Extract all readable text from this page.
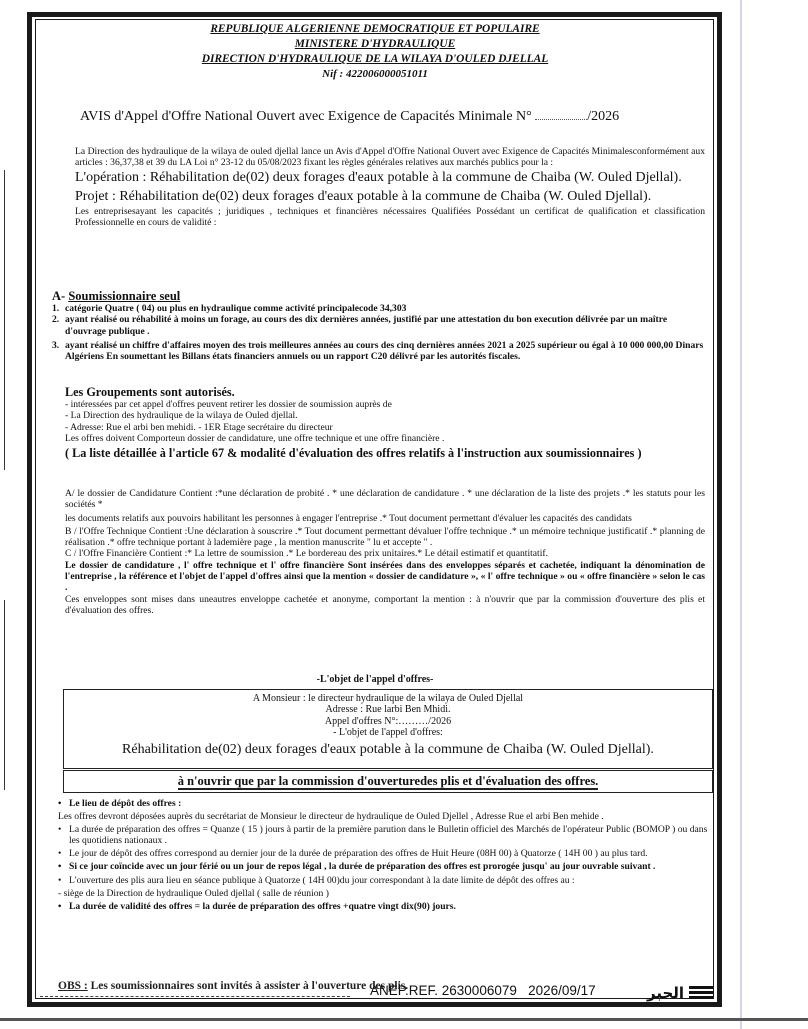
REPUBLIQUE ALGERIENNE DEMOCRATIQUE ET POPULAIRE
MINISTERE D'HYDRAULIQUE
DIRECTION D'HYDRAULIQUE DE LA WILAYA D'OULED DJELLAL
Nif : 422006000051011
AVIS d'Appel d'Offre National Ouvert avec Exigence de Capacités Minimale N°	/2026

La Direction des hydraulique de la wilaya de ouled djellal lance un Avis d'Appel d'Offre National Ouvert avec Exigence de Capacités Minimalesconformément aux articles : 36,37,38 et 39 du LA Loi n° 23-12 du 05/08/2023 fixant les règles générales relatives aux marchés publics pour la :

L'opération : Réhabilitation de(02) deux forages d'eaux potable à la commune de Chaiba (W. Ouled Djellal).

Projet : Réhabilitation de(02) deux forages d'eaux potable à la commune de Chaiba (W. Ouled Djellal).

Les entreprisesayant les capacités ; juridiques , techniques et financières nécessaires Qualifiées Possédant un certificat de qualification et classification Professionnelle en cours de validité :

A- Soumissionnaire seul
1. catégorie Quatre ( 04) ou plus en hydraulique comme activité principalecode 34,303
2. ayant réalisé ou réhabilité à moins un forage, au cours des dix dernières années, justifié par une attestation du bon execution délivrée par un maître d'ouvrage publique .
3. ayant réalisé un chiffre d'affaires moyen des trois meilleures années au cours des cinq dernières années 2021 a 2025 supérieur ou égal à 10 000 000,00 Dinars Algériens En soumettant les Billans états financiers annuels ou un rapport C20 délivré par les autorités fiscales.

Les Groupements sont autorisés.

- intéressées par cet appel d'offres peuvent retirer les dossier de soumission auprès de

- La Direction des hydraulique de la wilaya de Ouled djellal.

- Adresse: Rue el arbi ben mehidi. - 1ER Etage secrétaire du directeur

Les offres doivent Comporteun dossier de candidature, une offre technique et une offre financière .

( La liste détaillée à l'article 67 & modalité d'évaluation des offres relatifs à l'instruction aux soumissionnaires )

A/ le dossier de Candidature Contient :*une déclaration de probité . * une déclaration de candidature . * une déclaration de la liste des projets .* les statuts pour les sociétés *

les documents relatifs aux pouvoirs habilitant les personnes à engager l'entreprise .* Tout document permettant d'évaluer les capacités des candidats

B / l'Offre Technique Contient :Une déclaration à souscrire .* Tout document permettant dévaluer l'offre technique .* un mémoire technique justificatif .* planning de réalisation .* offre technique portant à lademière page , la mention manuscrite " lu et accepte " .

C / l'Offre Financière Contient :* La lettre de soumission .* Le bordereau des prix unitaires.* Le détail estimatif et quantitatif.

Le dossier de candidature , l' offre technique et l' offre financière Sont insérées dans des enveloppes séparés et cachetée, indiquant la dénomination de l'entreprise , la référence et l'objet de l'appel d'offres ainsi que la mention « dossier de candidature », « l' offre technique » ou « offre financière » selon le cas .

Ces enveloppes sont mises dans uneautres enveloppe cachetée et anonyme, comportant la mention : à n'ouvrir que par la commission d'ouverture des plis et d'évaluation des offres.

-L'objet de l'appel d'offres-
A Monsieur : le directeur hydraulique de la wilaya de Ouled Djellal
Adresse : Rue larbi Ben Mhidi.
Appel d'offres N°:………/2026
- L'objet de l'appel d'offres:
Réhabilitation de(02) deux forages d'eaux potable à la commune de Chaiba (W. Ouled Djellal).
à n'ouvrir que par la commission d'ouverturedes plis et d'évaluation des offres.
• Le lieu de dépôt des offres :
Les offres devront déposées auprès du secrétariat de Monsieur le directeur de hydraulique de Ouled Djellel , Adresse Rue el arbi Ben mehide .
• La durée de préparation des offres = Quanze ( 15 ) jours à partir de la première parution dans le Bulletin officiel des Marchés de l'opérateur Public (BOMOP ) ou dans les quotidiens nationaux .
• Le jour de dépôt des offres correspond au dernier jour de la durée de préparation des offres de Huit Heure (08H 00) à Quatorze ( 14H 00 ) au plus tard.
• Si ce jour coïncide avec un jour férié ou un jour de repos légal , la durée de préparation des offres est prorogée jusqu' au jour ouvrable suivant .
• L'ouverture des plis aura lieu en séance publique à Quatorze ( 14H 00)du jour correspondant à la date limite de dépôt des offres au :
- siège de la Direction de hydraulique Ouled djellal ( salle de réunion )
• La durée de validité des offres = la durée de préparation des offres +quatre vingt dix(90) jours.
OBS : Les soumissionnaires sont invités à assister à l'ouverture des plis.
ANEP.REF. 2630006079 2026/09/17	الحبر
